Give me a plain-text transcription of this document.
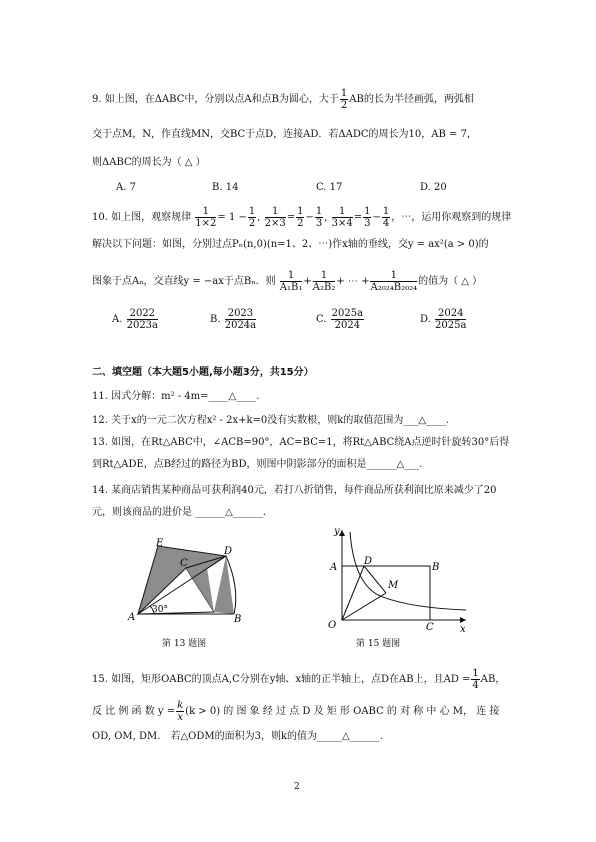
9. 如上图，在ΔABC中，分别以点A和点B为圆心，大于 $\frac{1}{2}$ AB的长为半径画弧，两弧相
交于点M，N，作直线MN，交BC于点D，连接AD．若ΔADC的周长为10，AB = 7，
则ΔABC的周长为（ △ ）
A. 7	B. 14	C. 17	D. 20
10. 如上图，观察规律 $\frac{1}{1\times 2} = 1 - \frac{1}{2}$ , $\frac{1}{2\times 3} = \frac{1}{2} - \frac{1}{3}$ , $\frac{1}{3\times 4} = \frac{1}{3} - \frac{1}{4}$ ，⋯，运用你观察到的规律
解决以下问题：如图，分别过点Pₙ(n,0)(n=1、2、⋯)作x轴的垂线，交y = ax²(a > 0)的
图象于点Aₙ，交直线y = −ax于点Bₙ．则 $\frac{1}{\text{A₁B₁}} + \frac{1}{\text{A₂B₂}}$ + ⋯ + $\frac{1}{\text{A₂₀₂₄B₂₀₂₄}}$ 的值为（ △ ）
A. $\frac{2022}{2023a}$	B. $\frac{2023}{2024a}$	C. $\frac{2025a}{2024}$	D. $\frac{2024}{2025a}$
二、填空题（本大题5小题,每小题3分，共15分）
11. 因式分解：m² - 4m=____△____.
12. 关于x的一元二次方程x² - 2x+k=0没有实数根，则k的取值范围为___△____.
13. 如图，在Rt△ABC中，∠ACB=90°，AC=BC=1，将Rt△ABC绕A点逆时针旋转30°后得
到Rt△ADE，点B经过的路径为BD，则图中阴影部分的面积是______△___.
14. 某商店销售某种商品可获利润40元，若打八折销售，每件商品所获利润比原来减少了20
元，则该商品的进价是 ______△______.
E
C
D
A	B
30°
第 13 题图
y
x
D
A	B
M
O	C
第 15 题图
15. 如图，矩形OABC的顶点A,C分别在y轴、x轴的正半轴上，点D在AB上，且AD = $\frac{1}{4}$ AB，
反 比 例 函 数 $y = \frac{k}{x} (k > 0)$ 的 图 象 经 过 点 D 及 矩 形 OABC 的 对 称 中 心 M， 连 接
OD, OM, DM． 若△ODM的面积为3，则k的值为_____△______.
2
